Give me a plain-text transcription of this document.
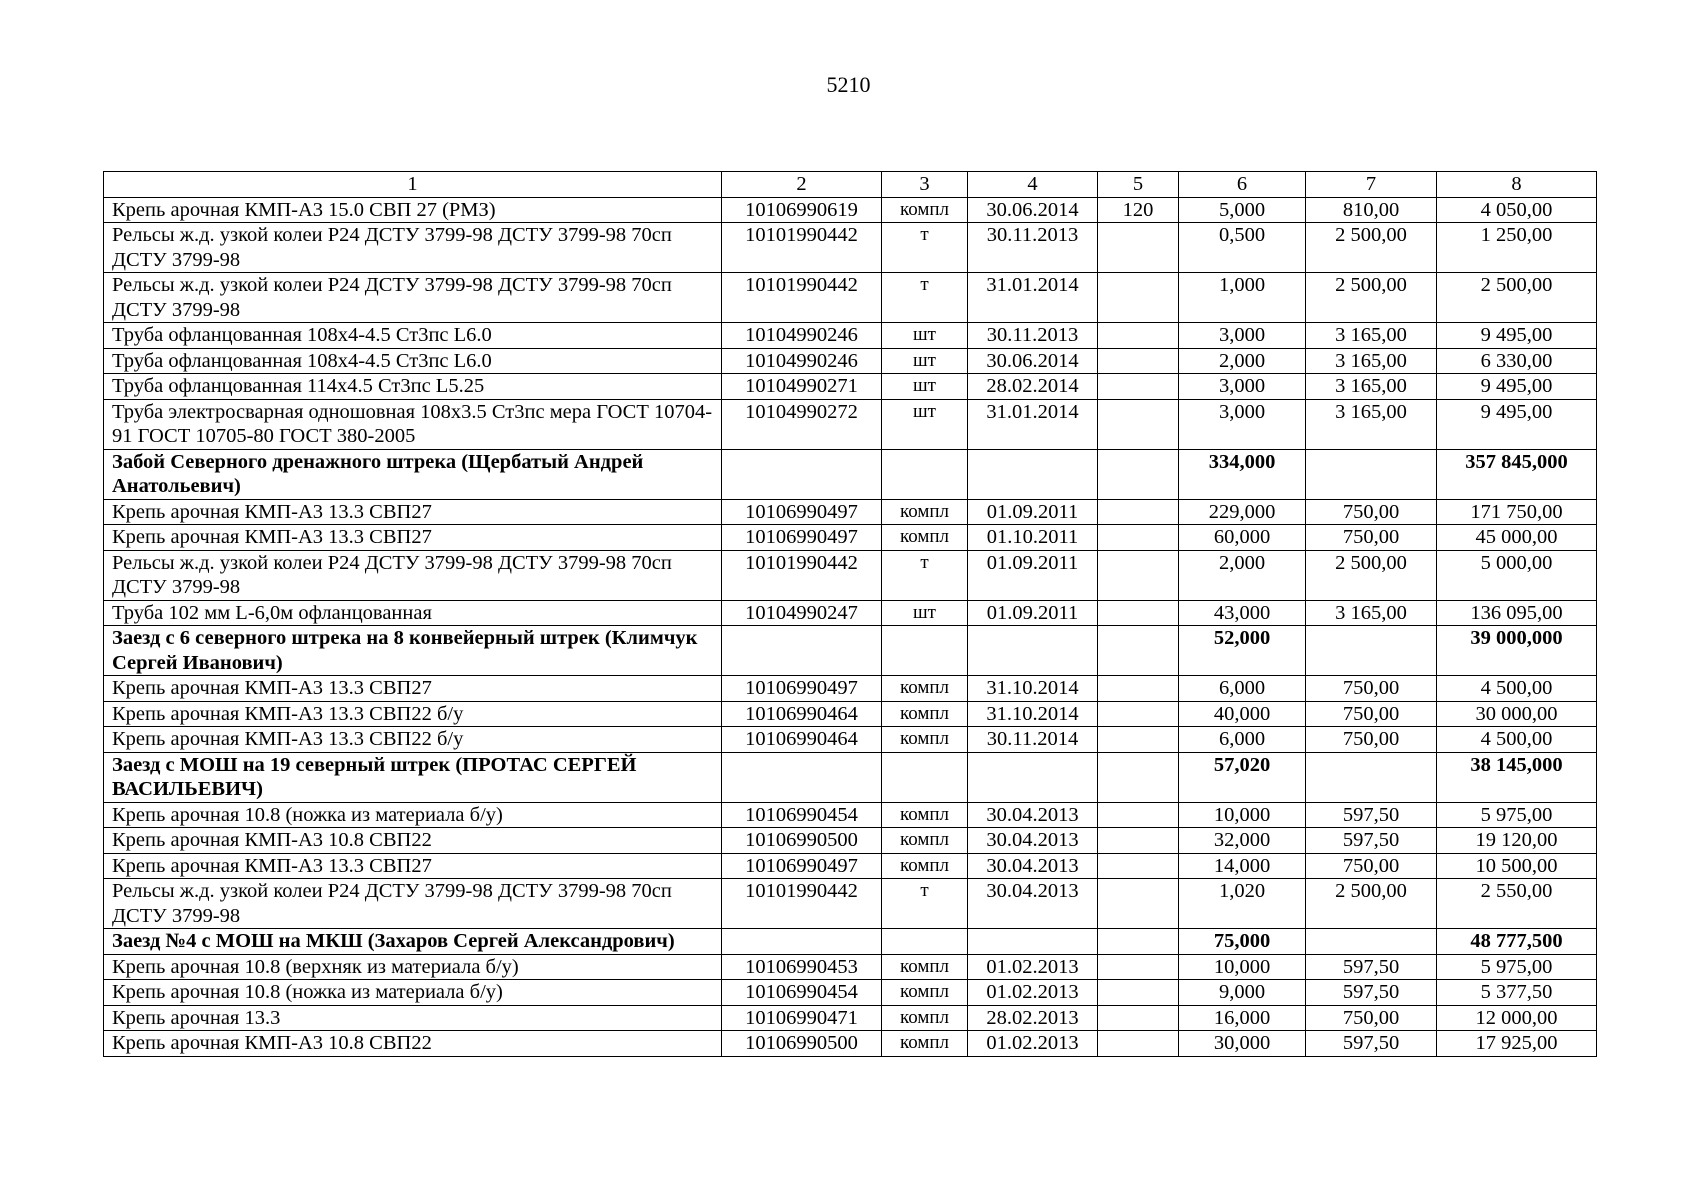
5210
1	2	3	4	5	6	7	8
Крепь арочная КМП-А3 15.0 СВП 27 (РМЗ)	10106990619	компл	30.06.2014	120	5,000	810,00	4 050,00
Рельсы ж.д. узкой колеи Р24 ДСТУ 3799-98 ДСТУ 3799-98 70сп ДСТУ 3799-98	10101990442	т	30.11.2013		0,500	2 500,00	1 250,00
Рельсы ж.д. узкой колеи Р24 ДСТУ 3799-98 ДСТУ 3799-98 70сп ДСТУ 3799-98	10101990442	т	31.01.2014		1,000	2 500,00	2 500,00
Труба офланцованная 108х4-4.5 Ст3пс L6.0	10104990246	шт	30.11.2013		3,000	3 165,00	9 495,00
Труба офланцованная 108х4-4.5 Ст3пс L6.0	10104990246	шт	30.06.2014		2,000	3 165,00	6 330,00
Труба офланцованная 114х4.5 Ст3пс L5.25	10104990271	шт	28.02.2014		3,000	3 165,00	9 495,00
Труба электросварная одношовная 108х3.5 Ст3пс мера ГОСТ 10704-91 ГОСТ 10705-80 ГОСТ 380-2005	10104990272	шт	31.01.2014		3,000	3 165,00	9 495,00
Забой Северного дренажного штрека (Щербатый Андрей Анатольевич)					334,000		357 845,000
Крепь арочная КМП-А3 13.3 СВП27	10106990497	компл	01.09.2011		229,000	750,00	171 750,00
Крепь арочная КМП-А3 13.3 СВП27	10106990497	компл	01.10.2011		60,000	750,00	45 000,00
Рельсы ж.д. узкой колеи Р24 ДСТУ 3799-98 ДСТУ 3799-98 70сп ДСТУ 3799-98	10101990442	т	01.09.2011		2,000	2 500,00	5 000,00
Труба 102 мм L-6,0м офланцованная	10104990247	шт	01.09.2011		43,000	3 165,00	136 095,00
Заезд с 6 северного штрека на 8 конвейерный штрек (Климчук Сергей Иванович)					52,000		39 000,000
Крепь арочная КМП-А3 13.3 СВП27	10106990497	компл	31.10.2014		6,000	750,00	4 500,00
Крепь арочная КМП-А3 13.3 СВП22 б/у	10106990464	компл	31.10.2014		40,000	750,00	30 000,00
Крепь арочная КМП-А3 13.3 СВП22 б/у	10106990464	компл	30.11.2014		6,000	750,00	4 500,00
Заезд с МОШ на 19 северный штрек (ПРОТАС СЕРГЕЙ ВАСИЛЬЕВИЧ)					57,020		38 145,000
Крепь арочная 10.8 (ножка из материала б/у)	10106990454	компл	30.04.2013		10,000	597,50	5 975,00
Крепь арочная КМП-А3 10.8 СВП22	10106990500	компл	30.04.2013		32,000	597,50	19 120,00
Крепь арочная КМП-А3 13.3 СВП27	10106990497	компл	30.04.2013		14,000	750,00	10 500,00
Рельсы ж.д. узкой колеи Р24 ДСТУ 3799-98 ДСТУ 3799-98 70сп ДСТУ 3799-98	10101990442	т	30.04.2013		1,020	2 500,00	2 550,00
Заезд №4 с МОШ на МКШ (Захаров Сергей Александрович)					75,000		48 777,500
Крепь арочная 10.8 (верхняк из материала б/у)	10106990453	компл	01.02.2013		10,000	597,50	5 975,00
Крепь арочная 10.8 (ножка из материала б/у)	10106990454	компл	01.02.2013		9,000	597,50	5 377,50
Крепь арочная 13.3	10106990471	компл	28.02.2013		16,000	750,00	12 000,00
Крепь арочная КМП-А3 10.8 СВП22	10106990500	компл	01.02.2013		30,000	597,50	17 925,00
